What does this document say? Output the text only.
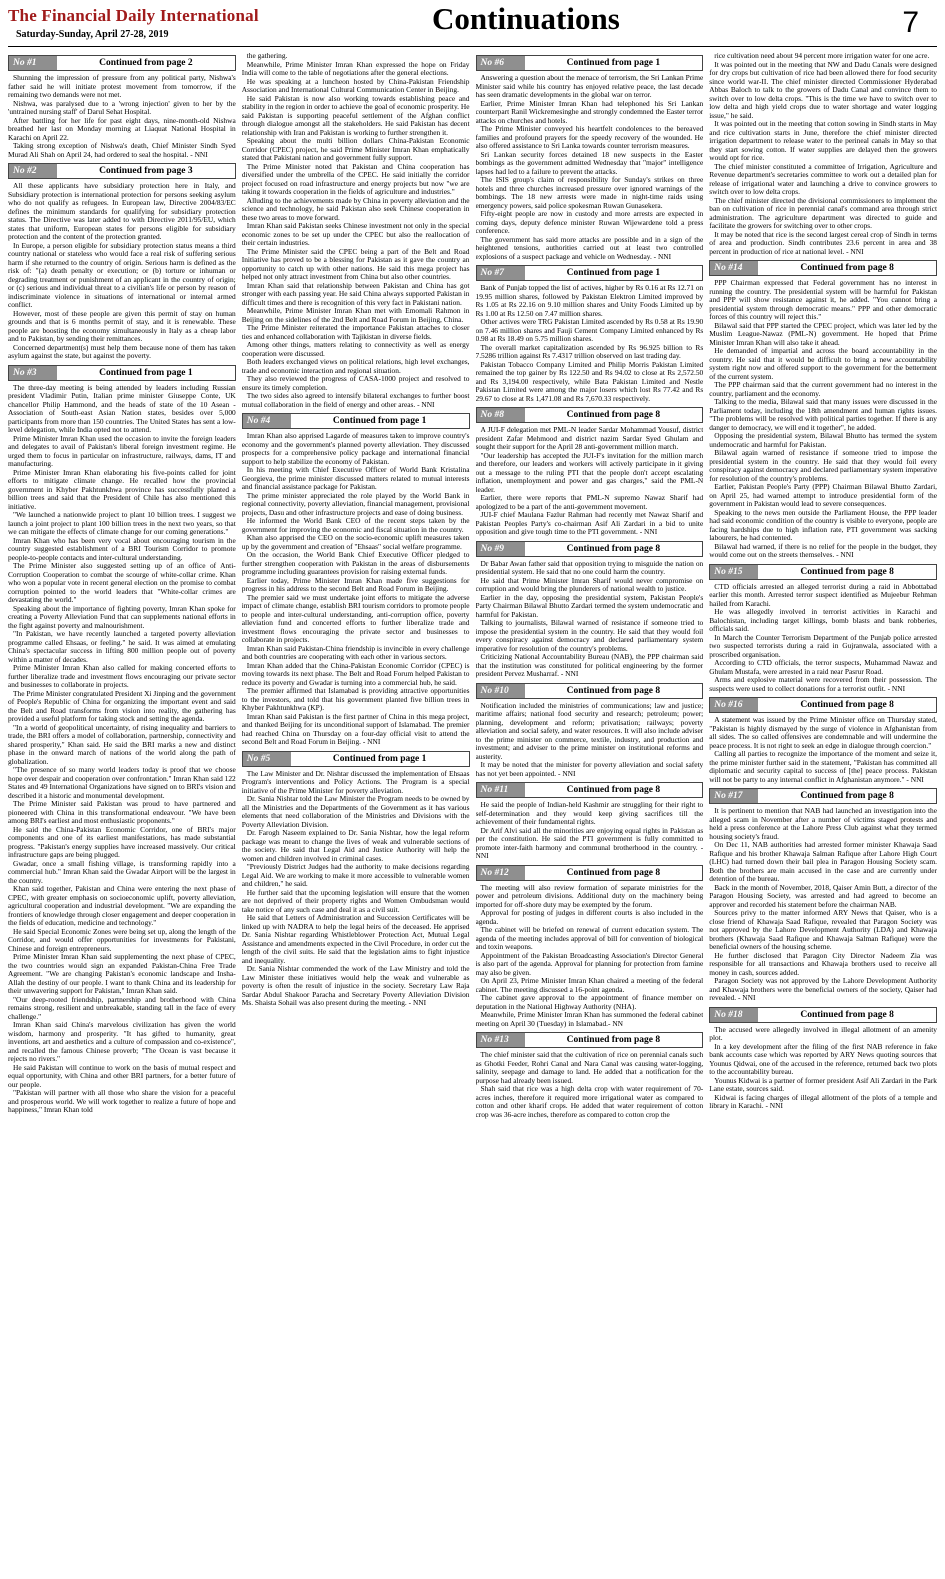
The Financial Daily International
Saturday-Sunday, April 27-28, 2019	Continuations	7
No #1	Continued from page 2

Shunning the impression of pressure from any political party, Nishwa's father said he will initiate protest movement from tomorrow, if the remaining two demands were not met.

Nishwa, was paralysed due to a 'wrong injection' given to her by the 'untrained nursing staff' of Darul Sehat Hospital.

After battling for her life for past eight days, nine-month-old Nishwa breathed her last on Monday morning at Liaquat National Hospital in Karachi on April 22.

Taking strong exception of Nishwa's death, Chief Minister Sindh Syed Murad Ali Shah on April 24, had ordered to seal the hospital. - NNI

No #2	Continued from page 3

All these applicants have subsidiary protection here in Italy, and Subsidiary protection is international protection for persons seeking asylum who do not qualify as refugees. In European law, Directive 2004/83/EC defines the minimum standards for qualifying for subsidiary protection status. The Directive was later added to with Directive 2011/95/EU, which states that uniform, European states for persons eligible for subsidiary protection and the content of the protection granted.

In Europe, a person eligible for subsidiary protection status means a third country national or stateless who would face a real risk of suffering serious harm if she returned to the country of origin. Serious harm is defined as the risk of: "(a) death penalty or execution; or (b) torture or inhuman or degrading treatment or punishment of an applicant in the country of origin; or (c) serious and individual threat to a civilian's life or person by reason of indiscriminate violence in situations of international or internal armed conflict.

However, most of these people are given this permit of stay on human grounds and that is 6 months permit of stay, and it is renewable. These people are boosting the economy simultaneously in Italy as a cheap labor and to Pakistan, by sending their remittances.

Concerned department(s) must help them because none of them has taken asylum against the state, but against the poverty.

No #3	Continued from page 1

The three-day meeting is being attended by leaders including Russian president Vladimir Putin, Italian prime minister Giuseppe Conte, UK chancellor Philip Hammond, and the heads of state of the 10 Asean - Association of South-east Asian Nation states, besides over 5,000 participants from more than 150 countries. The United States has sent a low-level delegation, while India opted not to attend.

Prime Minister Imran Khan used the occasion to invite the foreign leaders and delegates to avail of Pakistan's liberal foreign investment regime. He urged them to focus in particular on infrastructure, railways, dams, IT and manufacturing.

Prime Minister Imran Khan elaborating his five-points called for joint efforts to mitigate climate change. He recalled how the provincial government in Khyber Pakhtunkhwa province has successfully planted a billion trees and said that the President of Chile has also mentioned this initiative.

"We launched a nationwide project to plant 10 billion trees. I suggest we launch a joint project to plant 100 billion trees in the next two years, so that we can mitigate the effects of climate change for our coming generations."

Imran Khan who has been very vocal about encouraging tourism in the country suggested establishment of a BRI Tourism Corridor to promote people-to-people contacts and inter-cultural understanding.

The Prime Minister also suggested setting up of an office of Anti-Corruption Cooperation to combat the scourge of white-collar crime. Khan who won a popular vote in recent general election on the promise to combat corruption pointed to the world leaders that "White-collar crimes are devastating the world."

Speaking about the importance of fighting poverty, Imran Khan spoke for creating a Poverty Alleviation Fund that can supplements national efforts in the fight against poverty and malnourishment.

"In Pakistan, we have recently launched a targeted poverty alleviation programme called Ehsaas, or feeling." he said. It was aimed at emulating China's spectacular success in lifting 800 million people out of poverty within a matter of decades.

Prime Minister Imran Khan also called for making concerted efforts to further liberalize trade and investment flows encouraging our private sector and businesses to collaborate in projects.

The Prime Minister congratulated President Xi Jinping and the government of People's Republic of China for organizing the important event and said the Belt and Road transforms from vision into reality, the gathering has provided a useful platform for taking stock and setting the agenda.

"In a world of geopolitical uncertainty, of rising inequality and barriers to trade, the BRI offers a model of collaboration, partnership, connectivity and shared prosperity," Khan said. He said the BRI marks a new and distinct phase in the onward march of nations of the world along the path of globalization.

"The presence of so many world leaders today is proof that we choose hope over despair and cooperation over confrontation." Imran Khan said 122 States and 49 International Organizations have signed on to BRI's vision and described it a historic and monumental development.

The Prime Minister said Pakistan was proud to have partnered and pioneered with China in this transformational endeavour. "We have been among BRI's earliest and most enthusiastic proponents."

He said the China-Pakistan Economic Corridor, one of BRI's major components and one of its earliest manifestations, has made substantial progress. "Pakistan's energy supplies have increased massively. Our critical infrastructure gaps are being plugged.

Gwadar, once a small fishing village, is transforming rapidly into a commercial hub." Imran Khan said the Gwadar Airport will be the largest in the country.

Khan said together, Pakistan and China were entering the next phase of CPEC, with greater emphasis on socioeconomic uplift, poverty alleviation, agricultural cooperation and industrial development. "We are expanding the frontiers of knowledge through closer engagement and deeper cooperation in the fields of education, medicine and technology."

He said Special Economic Zones were being set up, along the length of the Corridor, and would offer opportunities for investments for Pakistani, Chinese and foreign entrepreneurs.

Prime Minister Imran Khan said supplementing the next phase of CPEC, the two countries would sign an expanded Pakistan-China Free Trade Agreement. "We are changing Pakistan's economic landscape and Insha-Allah the destiny of our people. I want to thank China and its leadership for their unwavering support for Pakistan," Imran Khan said.

"Our deep-rooted friendship, partnership and brotherhood with China remains strong, resilient and unbreakable, standing tall in the face of every challenge."

Imran Khan said China's marvelous civilization has given the world wisdom, harmony and prosperity. "It has gifted to humanity, great inventions, art and aesthetics and a culture of compassion and co-existence", and recalled the famous Chinese proverb; "The Ocean is vast because it rejects no rivers."

He said Pakistan will continue to work on the basis of mutual respect and equal opportunity, with China and other BRI partners, for a better future of our people.

"Pakistan will partner with all those who share the vision for a peaceful and prosperous world. We will work together to realize a future of hope and happiness," Imran Khan told

the gathering.

Meanwhile, Prime Minister Imran Khan expressed the hope on Friday India will come to the table of negotiations after the general elections.

He was speaking at a luncheon hosted by China-Pakistan Friendship Association and International Cultural Communication Center in Beijing.

He said Pakistan is now also working towards establishing peace and stability in the region in order to achieve the goal of economic prosperity. He said Pakistan is supporting peaceful settlement of the Afghan conflict through dialogue amongst all the stakeholders. He said Pakistan has decent relationship with Iran and Pakistan is working to further strengthen it.

Speaking about the multi billion dollars China-Pakistan Economic Corridor (CPEC) project, he said Prime Minister Imran Khan emphatically stated that Pakistani nation and government fully support.

The Prime Minister noted that Pakistan and China cooperation has diversified under the umbrella of the CPEC. He said initially the corridor project focused on road infrastructure and energy projects but now "we are taking it towards cooperation in the fields of agriculture and industries."

Alluding to the achievements made by China in poverty alleviation and the science and technology, he said Pakistan also seek Chinese cooperation in these two areas to move forward.

Imran Khan said Pakistan seeks Chinese investment not only in the special economic zones to be set up under the CPEC but also the reallocation of their certain industries.

The Prime Minister said the CPEC being a part of the Belt and Road Initiative has proved to be a blessing for Pakistan as it gave the country an opportunity to catch up with other nations. He said this mega project has helped not only attract investment from China but also other countries.

Imran Khan said that relationship between Pakistan and China has got stronger with each passing year. He said China always supported Pakistan in difficult times and there is recognition of this very fact in Pakistani nation.

Meanwhile, Prime Minister Imran Khan met with Emomali Rahmon in Beijing on the sidelines of the 2nd Belt and Road Forum in Beijing, China.

The Prime Minister reiterated the importance Pakistan attaches to closer ties and enhanced collaboration with Tajikistan in diverse fields.

Among other things, matters relating to connectivity as well as energy cooperation were discussed.

Both leaders exchanged views on political relations, high level exchanges, trade and economic interaction and regional situation.

They also reviewed the progress of CASA-1000 project and resolved to ensure its timely completion.

The two sides also agreed to intensify bilateral exchanges to further boost mutual collaboration in the field of energy and other areas. - NNI

No #4	Continued from page 1

Imran Khan also apprised Lagarde of measures taken to improve country's economy and the government's planned poverty alleviation. They discussed prospects for a comprehensive policy package and international financial support to help stabilize the economy of Pakistan.

In his meeting with Chief Executive Officer of World Bank Kristalina Georgieva, the prime minister discussed matters related to mutual interests and financial assistance package for Pakistan.

The prime minister appreciated the role played by the World Bank in regional connectivity, poverty alleviation, financial management, provisional projects, Dasu and other infrastructure projects and ease of doing business.

He informed the World Bank CEO of the recent steps taken by the government for improving the economic and fiscal situation in the country.

Khan also apprised the CEO on the socio-economic uplift measures taken up by the government and creation of "Ehsaas" social welfare programme.

On the occasion, the World Bank Chief Executive Officer pledged to further strengthen cooperation with Pakistan in the areas of disbursements programme including guarantees provision for raising external funds.

Earlier today, Prime Minister Imran Khan made five suggestions for progress in his address to the second Belt and Road Forum in Beijing.

The premier said we must undertake joint efforts to mitigate the adverse impact of climate change, establish BRI tourism corridors to promote people to people and inter-cultural understanding, anti-corruption office, poverty alleviation fund and concerted efforts to further liberalize trade and investment flows encouraging the private sector and businesses to collaborate in projects.

Imran Khan said Pakistan-China friendship is invincible in every challenge and both countries are cooperating with each other in various sectors.

Imran Khan added that the China-Pakistan Economic Corridor (CPEC) is moving towards its next phase. The Belt and Road Forum helped Pakistan to reduce its poverty and Gwadar is turning into a commercial hub, he said.

The premier affirmed that Islamabad is providing attractive opportunities to the investors, and told that his government planted five billion trees in Khyber Pakhtunkhwa (KP).

Imran Khan said Pakistan is the first partner of China in this mega project, and thanked Beijing for its unconditional support of Islamabad. The premier had reached China on Thursday on a four-day official visit to attend the second Belt and Road Forum in Beijing. - NNI

No #5	Continued from page 1

The Law Minister and Dr. Nishtar discussed the implementation of Ehsaas Program's interventions and Policy Actions. The Program is a special initiative of the Prime Minister for poverty alleviation.

Dr. Sania Nishtar told the Law Minister the Program needs to be owned by all the Ministries and the Departments of the Government as it has various elements that need collaboration of the Ministries and Divisions with the Poverty Alleviation Division.

Dr. Farogh Naseem explained to Dr. Sania Nishtar, how the legal reform package was meant to change the lives of weak and vulnerable sections of the society. He said that Legal Aid and Justice Authority will help the women and children involved in criminal cases.

"Previously District Judges had the authority to make decisions regarding Legal Aid. We are working to make it more accessible to vulnerable women and children," he said.

He further said that the upcoming legislation will ensure that the women are not deprived of their property rights and Women Ombudsman would take notice of any such case and deal it as a civil suit.

He said that Letters of Administration and Succession Certificates will be linked up with NADRA to help the legal heirs of the deceased. He apprised Dr. Sania Nishtar regarding Whistleblower Protection Act, Mutual Legal Assistance and amendments expected in the Civil Procedure, in order cut the length of the civil suits. He said that the legislation aims to fight injustice and inequality.

Dr. Sania Nishtar commended the work of the Law Ministry and told the Law Minister these initiatives would help the weak and vulnerable as poverty is often the result of injustice in the society. Secretary Law Raja Sardar Abdul Shakoor Paracha and Secretary Poverty Alleviation Division Ms. Shaista Sohail was also present during the meeting. - NNI

No #6	Continued from page 1

Answering a question about the menace of terrorism, the Sri Lankan Prime Minister said while his country has enjoyed relative peace, the last decade has seen dramatic developments in the global war on terror.

Earlier, Prime Minister Imran Khan had telephoned his Sri Lankan counterpart Ranil Wickremesinghe and strongly condemned the Easter terror attacks on churches and hotels.

The Prime Minister conveyed his heartfelt condolences to the bereaved families and profound prayers for the speedy recovery of the wounded. He also offered assistance to Sri Lanka towards counter terrorism measures.

Sri Lankan security forces detained 18 new suspects in the Easter bombings as the government admitted Wednesday that "major" intelligence lapses had led to a failure to prevent the attacks.

The ISIS group's claim of responsibility for Sunday's strikes on three hotels and three churches increased pressure over ignored warnings of the bombings. The 18 new arrests were made in night-time raids using emergency powers, said police spokesman Ruwan Gunasekera.

Fifty-eight people are now in custody and more arrests are expected in coming days, deputy defence minister Ruwan Wijewardene told a press conference.

The government has said more attacks are possible and in a sign of the heightened tensions, authorities carried out at least two controlled explosions of a suspect package and vehicle on Wednesday. - NNI

No #7	Continued from page 1

Bank of Punjab topped the list of actives, higher by Rs 0.16 at Rs 12.71 on 19.95 million shares, followed by Pakistan Elektron Limited improved by Rs 1.05 at Rs 22.16 on 9.10 million shares and Unity Foods Limited up by Rs 1.00 at Rs 12.50 on 7.47 million shares.

Other actives were TRG Pakistan Limited ascended by Rs 0.58 at Rs 19.90 on 7.46 million shares and Fauji Cement Company Limited enhanced by Rs 0.98 at Rs 18.49 on 5.75 million shares.

The overall market capitalization ascended by Rs 96.925 billion to Rs 7.5286 trillion against Rs 7.4317 trillion observed on last trading day.

Pakistan Tobacco Company Limited and Philip Morris Pakistan Limited remained the top gainer by Rs 122.50 and Rs 94.02 to close at Rs 2,572.50 and Rs 3,194.00 respectively, while Bata Pakistan Limited and Nestle Pakistan Limited were among the major losers which lost Rs 77.42 and Rs 29.67 to close at Rs 1,471.08 and Rs 7,670.33 respectively.

No #8	Continued from page 8

A JUI-F delegation met PML-N leader Sardar Mohammad Yousuf, district president Zafar Mehmood and district nazim Sardar Syed Ghulam and sought their support for the April 28 anti-government million march.

"Our leadership has accepted the JUI-F's invitation for the million march and therefore, our leaders and workers will actively participate in it giving out a message to the ruling PTI that the people don't accept escalating inflation, unemployment and power and gas charges," said the PML-N leader.

Earlier, there were reports that PML-N supremo Nawaz Sharif had apologized to be a part of the anti-government movement.

JUI-F chief Maulana Fazlur Rahman had recently met Nawaz Sharif and Pakistan Peoples Party's co-chairman Asif Ali Zardari in a bid to unite opposition and give tough time to the PTI government. - NNI

No #9	Continued from page 8

Dr Babar Awan father said that opposition trying to misguide the nation on presidential system. He said that no one could harm the country.

He said that Prime Minister Imran Sharif would never compromise on corruption and would bring the plunderers of national wealth to justice.

Earlier in the day, opposing the presidential system, Pakistan People's Party Chairman Bilawal Bhutto Zardari termed the system undemocratic and harmful for Pakistan.

Talking to journalists, Bilawal warned of resistance if someone tried to impose the presidential system in the country. He said that they would foil every conspiracy against democracy and declared parliamentary system imperative for resolution of the country's problems.

Criticizing National Accountability Bureau (NAB), the PPP chairman said that the institution was constituted for political engineering by the former president Pervez Musharraf. - NNI

No #10	Continued from page 8

Notification included the ministries of communications; law and justice; maritime affairs; national food security and research; petroleum; power; planning, development and reform; privatisation; railways; poverty alleviation and social safety, and water resources. It will also include adviser to the prime minister on commerce, textile, industry, and production and investment; and adviser to the prime minister on institutional reforms and austerity.

It may be noted that the minister for poverty alleviation and social safety has not yet been appointed. - NNI

No #11	Continued from page 8

He said the people of Indian-held Kashmir are struggling for their right to self-determination and they would keep giving sacrifices till the achievement of their fundamental rights.

Dr Arif Alvi said all the minorities are enjoying equal rights in Pakistan as per the constitution. He said the PTI government is fully committed to promote inter-faith harmony and communal brotherhood in the country. -NNI

No #12	Continued from page 8

The meeting will also review formation of separate ministries for the power and petroleum divisions. Additional duty on the machinery being imported for off-shore duty may be exempted by the forum.

Approval for posting of judges in different courts is also included in the agenda.

The cabinet will be briefed on renewal of current education system. The agenda of the meeting includes approval of bill for convention of biological and toxin weapons.

Appointment of the Pakistan Broadcasting Association's Director General is also part of the agenda. Approval for planning for protection from famine may also be given.

On April 23, Prime Minister Imran Khan chaired a meeting of the federal cabinet. The meeting discussed a 16-point agenda.

The cabinet gave approval to the appointment of finance member on deputation in the National Highway Authority (NHA).

Meanwhile, Prime Minister Imran Khan has summoned the federal cabinet meeting on April 30 (Tuesday) in Islamabad.- NN

No #13	Continued from page 8

The chief minister said that the cultivation of rice on perennial canals such as Ghotki Feeder, Rohri Canal and Nara Canal was causing water-logging, salinity, seepage and damage to land. He added that a notification for the purpose had already been issued.

Shah said that rice was a high delta crop with water requirement of 70-acres inches, therefore it required more irrigational water as compared to cotton and other kharif crops. He added that water requirement of cotton crop was 36-acre inches, therefore as compared to cotton crop the

rice cultivation need about 94 percent more irrigation water for one acre.

It was pointed out in the meeting that NW and Dadu Canals were designed for dry crops but cultivation of rice had been allowed there for food security since world war-II. The chief minister directed Commissioner Hyderabad Abbas Baloch to talk to the growers of Dadu Canal and convince them to switch over to low delta crops. "This is the time we have to switch over to low delta and high yield crops due to water shortage and water logging issue," he said.

It was pointed out in the meeting that cotton sowing in Sindh starts in May and rice cultivation starts in June, therefore the chief minister directed irrigation department to release water to the perineal canals in May so that they start sowing cotton. If water supplies are delayed then the growers would opt for rice.

The chief minister constituted a committee of Irrigation, Agriculture and Revenue department's secretaries committee to work out a detailed plan for release of irrigational water and launching a drive to convince growers to switch over to low delta crops.

The chief minister directed the divisional commissioners to implement the ban on cultivation of rice in perennial canal's command area through strict administration. The agriculture department was directed to guide and facilitate the growers for switching over to other crops.

It may be noted that rice is the second largest cereal crop of Sindh in terms of area and production. Sindh contributes 23.6 percent in area and 38 percent in production of rice at national level. - NNI

No #14	Continued from page 8

PPP Chairman expressed that Federal government has no interest in running the country. The presidential system will be harmful for Pakistan and PPP will show resistance against it, he added. "You cannot bring a presidential system through democratic means." PPP and other democratic forces of this country will reject this."

Bilawal said that PPP started the CPEC project, which was later led by the Muslim League-Nawaz (PML-N) government. He hoped that Prime Minister Imran Khan will also take it ahead.

He demanded of impartial and across the board accountability in the country. He said that it would be difficult to bring a new accountability system right now and offered support to the government for the betterment of the current system.

The PPP chairman said that the current government had no interest in the country, parliament and the economy.

Talking to the media, Bilawal said that many issues were discussed in the Parliament today, including the 18th amendment and human rights issues. "The problems will be resolved with political parties together. If there is any danger to democracy, we will end it together", he added.

Opposing the presidential system, Bilawal Bhutto has termed the system undemocratic and harmful for Pakistan.

Bilawal again warned of resistance if someone tried to impose the presidential system in the country. He said that they would foil every conspiracy against democracy and declared parliamentary system imperative for resolution of the country's problems.

Earlier, Pakistan People's Party (PPP) Chairman Bilawal Bhutto Zardari, on April 25, had warned attempt to introduce presidential form of the government in Pakistan would lead to severe consequences.

Speaking to the news men outside the Parliament House, the PPP leader had said economic condition of the country is visible to everyone, people are facing hardships due to high inflation rate, PTI government was sacking labourers, he had contented.

Bilawal had warned, if there is no relief for the people in the budget, they would come out on the streets themselves. - NNI

No #15	Continued from page 8

CTD officials arrested an alleged terrorist during a raid in Abbottabad earlier this month. Arrested terror suspect identified as Mujeebur Rehman hailed from Karachi.

He was allegedly involved in terrorist activities in Karachi and Balochistan, including target killings, bomb blasts and bank robberies, officials said.

In March the Counter Terrorism Department of the Punjab police arrested two suspected terrorists during a raid in Gujranwala, associated with a proscribed organisation.

According to CTD officials, the terror suspects, Muhammad Nawaz and Ghulam Mustafa, were arrested in a raid near Pasrur Road.

Arms and explosive material were recovered from their possession. The suspects were used to collect donations for a terrorist outfit. - NNI

No #16	Continued from page 8

A statement was issued by the Prime Minister office on Thursday stated, "Pakistan is highly dismayed by the surge of violence in Afghanistan from all sides. The so called offensives are condemnable and will undermine the peace process. It is not right to seek an edge in dialogue through coercion."

Calling all parties to recognize the importance of the moment and seize it, the prime minister further said in the statement, "Pakistan has committed all diplomatic and security capital to success of [the] peace process. Pakistan will not be party to any internal conflict in Afghanistan anymore." - NNI

No #17	Continued from page 8

It is pertinent to mention that NAB had launched an investigation into the alleged scam in November after a number of victims staged protests and held a press conference at the Lahore Press Club against what they termed housing society's fraud.

On Dec 11, NAB authorities had arrested former minister Khawaja Saad Rafique and his brother Khawaja Salman Rafique after Lahore High Court (LHC) had turned down their bail plea in Paragon Housing Society scam. Both the brothers are main accused in the case and are currently under detention of the bureau.

Back in the month of November, 2018, Qaiser Amin Butt, a director of the Paragon Housing Society, was arrested and had agreed to become an approver and recorded his statement before the chairman NAB.

Sources privy to the matter informed ARY News that Qaiser, who is a close friend of Khawaja Saad Rafique, revealed that Paragon Society was not approved by the Lahore Development Authority (LDA) and Khawaja brothers (Khawaja Saad Rafique and Khawaja Salman Rafique) were the beneficial owners of the housing scheme.

He further disclosed that Paragon City Director Nadeem Zia was responsible for all transactions and Khawaja brothers used to receive all money in cash, sources added.

Paragon Society was not approved by the Lahore Development Authority and Khawaja brothers were the beneficial owners of the society, Qaiser had revealed. - NNI

No #18	Continued from page 8

The accused were allegedly involved in illegal allotment of an amenity plot.

In a key development after the filing of the first NAB reference in fake bank accounts case which was reported by ARY News quoting sources that Younus Qidwai, one of the accused in the reference, returned back two plots to the accountability bureau.

Younus Kidwai is a partner of former president Asif Ali Zardari in the Park Lane estate, sources said.

Kidwai is facing charges of illegal allotment of the plots of a temple and library in Karachi. - NNI
